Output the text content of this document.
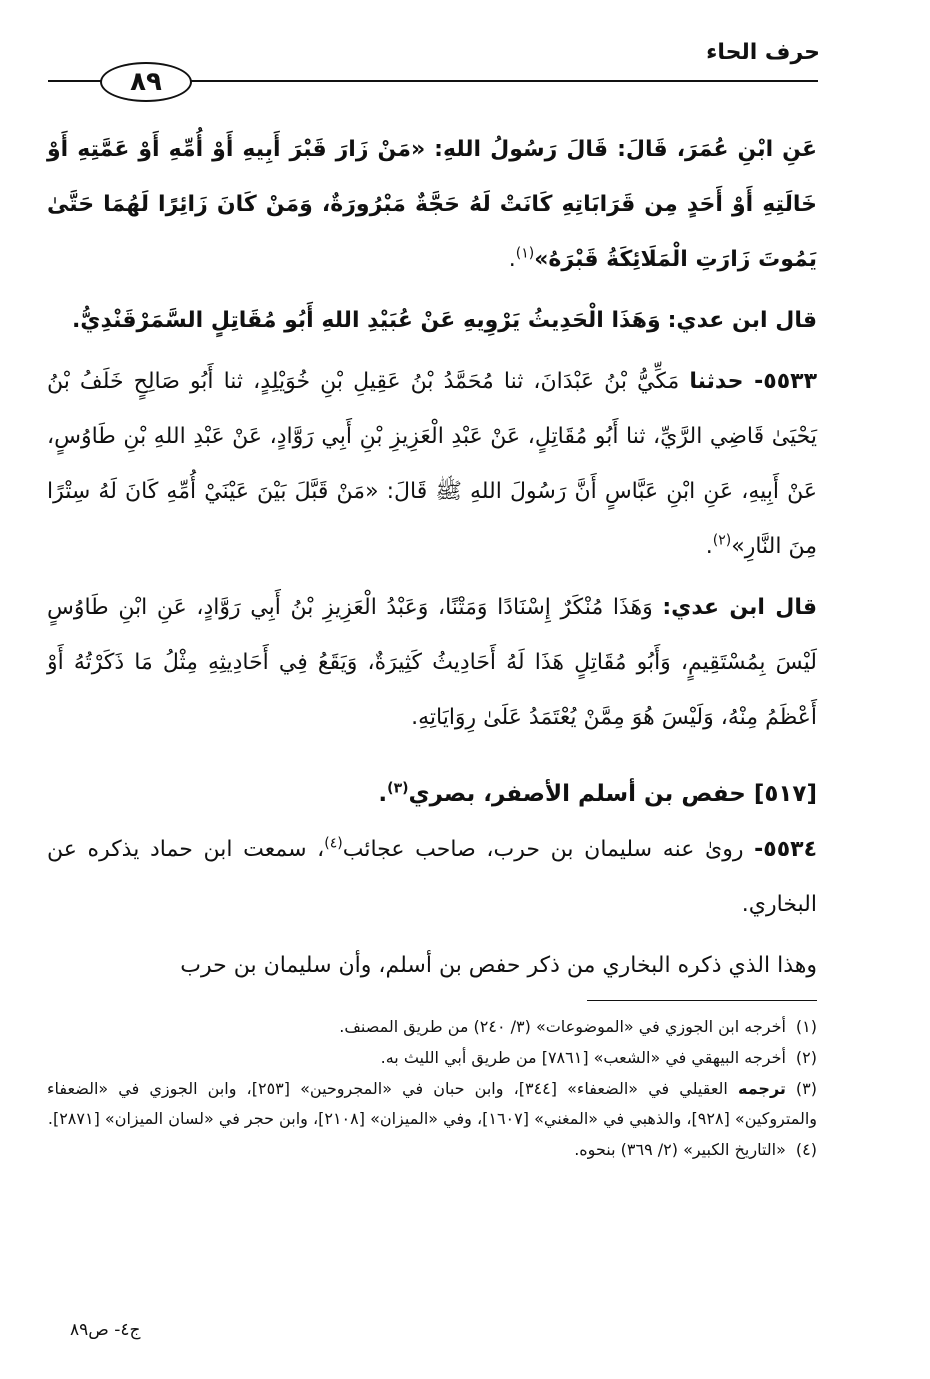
حرف الحاء
٨٩

عَنِ ابْنِ عُمَرَ، قَالَ: قَالَ رَسُولُ اللهِ: «مَنْ زَارَ قَبْرَ أَبِيهِ أَوْ أُمِّهِ أَوْ عَمَّتِهِ أَوْ خَالَتِهِ أَوْ أَحَدٍ مِن قَرَابَاتِهِ كَانَتْ لَهُ حَجَّةٌ مَبْرُورَةٌ، وَمَنْ كَانَ زَائِرًا لَهُمَا حَتَّىٰ يَمُوتَ زَارَتِ الْمَلَائِكَةُ قَبْرَهُ»$^{(١)}$.

قال ابن عدي: وَهَذَا الْحَدِيثُ يَرْوِيهِ عَنْ عُبَيْدِ اللهِ أَبُو مُقَاتِلٍ السَّمَرْقَنْدِيُّ.

٥٥٣٣- حدثنا مَكِّيُّ بْنُ عَبْدَانَ، ثنا مُحَمَّدُ بْنُ عَقِيلِ بْنِ خُوَيْلِدٍ، ثنا أَبُو صَالِحٍ خَلَفُ بْنُ يَحْيَىٰ قَاضِي الرَّيِّ، ثنا أَبُو مُقَاتِلٍ، عَنْ عَبْدِ الْعَزِيزِ بْنِ أَبِي رَوَّادٍ، عَنْ عَبْدِ اللهِ بْنِ طَاوُسٍ، عَنْ أَبِيهِ، عَنِ ابْنِ عَبَّاسٍ أَنَّ رَسُولَ اللهِ ﷺ قَالَ: «مَنْ قَبَّلَ بَيْنَ عَيْنَيْ أُمِّهِ كَانَ لَهُ سِتْرًا مِنَ النَّارِ»$^{(٢)}$.

قال ابن عدي: وَهَذَا مُنْكَرٌ إِسْنَادًا وَمَتْنًا، وَعَبْدُ الْعَزِيزِ بْنُ أَبِي رَوَّادٍ، عَنِ ابْنِ طَاوُسٍ لَيْسَ بِمُسْتَقِيمٍ، وَأَبُو مُقَاتِلٍ هَذَا لَهُ أَحَادِيثُ كَثِيرَةٌ، وَيَقَعُ فِي أَحَادِيثِهِ مِثْلُ مَا ذَكَرْتُهُ أَوْ أَعْظَمُ مِنْهُ، وَلَيْسَ هُوَ مِمَّنْ يُعْتَمَدُ عَلَىٰ رِوَايَاتِهِ.

[٥١٧] حفص بن أسلم الأصفر، بصري$^{(٣)}$.

٥٥٣٤- روىٰ عنه سليمان بن حرب، صاحب عجائب$^{(٤)}$، سمعت ابن حماد يذكره عن البخاري.

وهذا الذي ذكره البخاري من ذكر حفص بن أسلم، وأن سليمان بن حرب

(١)أخرجه ابن الجوزي في «الموضوعات» (٣/ ٢٤٠) من طريق المصنف.

(٢)أخرجه البيهقي في «الشعب» [٧٨٦١] من طريق أبي الليث به.

(٣)ترجمه العقيلي في «الضعفاء» [٣٤٤]، وابن حبان في «المجروحين» [٢٥٣]، وابن الجوزي في «الضعفاء والمتروكين» [٩٢٨]، والذهبي في «المغني» [١٦٠٧]، وفي «الميزان» [٢١٠٨]، وابن حجر في «لسان الميزان» [٢٨٧١].

(٤)«التاريخ الكبير» (٢/ ٣٦٩) بنحوه.

ج٤- ص٨٩
